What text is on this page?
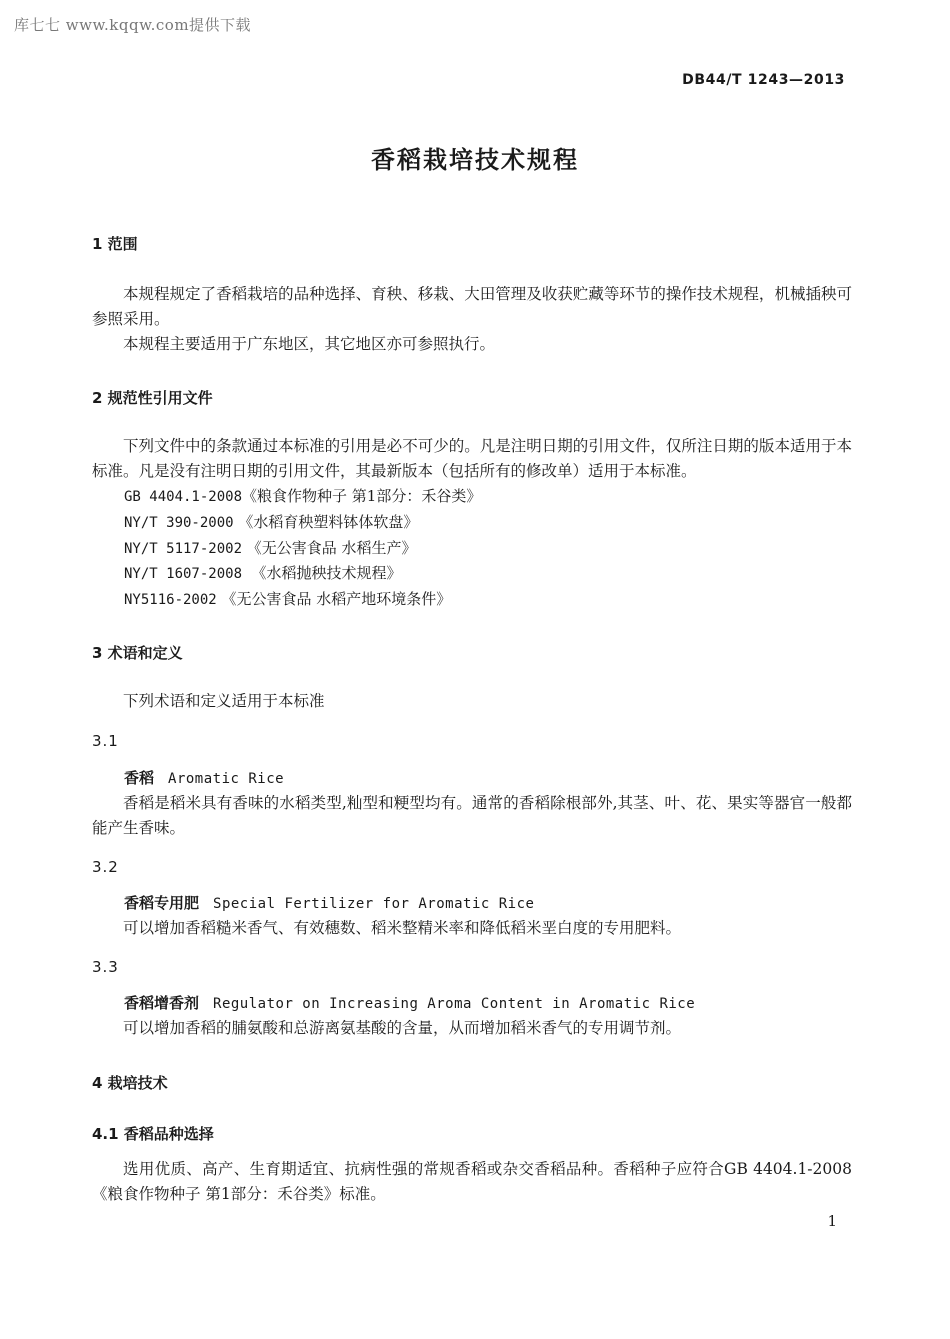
库七七 www.kqqw.com提供下载
DB44/T 1243—2013
香稻栽培技术规程
1 范围

本规程规定了香稻栽培的品种选择、育秧、移栽、大田管理及收获贮藏等环节的操作技术规程，机械插秧可参照采用。

本规程主要适用于广东地区，其它地区亦可参照执行。

2 规范性引用文件

下列文件中的条款通过本标准的引用是必不可少的。凡是注明日期的引用文件，仅所注日期的版本适用于本标准。凡是没有注明日期的引用文件，其最新版本（包括所有的修改单）适用于本标准。

GB 4404.1-2008《粮食作物种子 第1部分：禾谷类》
NY/T 390-2000 《水稻育秧塑料钵体软盘》
NY/T 5117-2002 《无公害食品 水稻生产》
NY/T 1607-2008  《水稻抛秧技术规程》
NY5116-2002 《无公害食品 水稻产地环境条件》
3 术语和定义

下列术语和定义适用于本标准

3.1
香稻 Aromatic Rice

香稻是稻米具有香味的水稻类型,籼型和粳型均有。通常的香稻除根部外,其茎、叶、花、果实等器官一般都能产生香味。

3.2
香稻专用肥 Special Fertilizer for Aromatic Rice

可以增加香稻糙米香气、有效穗数、稻米整精米率和降低稻米垩白度的专用肥料。

3.3
香稻增香剂 Regulator on Increasing Aroma Content in Aromatic Rice

可以增加香稻的脯氨酸和总游离氨基酸的含量，从而增加稻米香气的专用调节剂。

4 栽培技术
4.1 香稻品种选择

选用优质、高产、生育期适宜、抗病性强的常规香稻或杂交香稻品种。香稻种子应符合GB 4404.1-2008《粮食作物种子 第1部分：禾谷类》标准。

1
